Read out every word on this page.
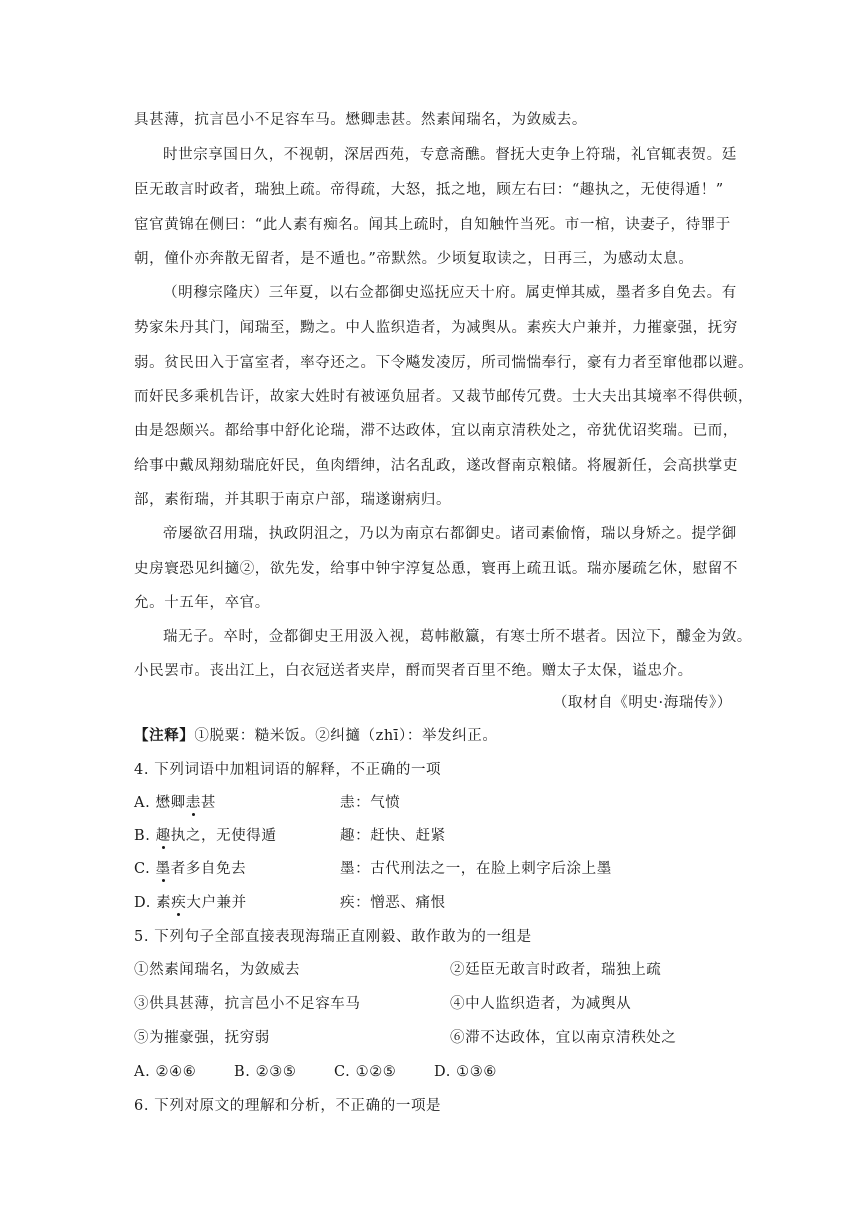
具甚薄，抗言邑小不足容车马。懋卿恚甚。然素闻瑞名，为敛威去。
时世宗享国日久，不视朝，深居西苑，专意斋醮。督抚大吏争上符瑞，礼官辄表贺。廷
臣无敢言时政者，瑞独上疏。帝得疏，大怒，抵之地，顾左右曰：“趣执之，无使得遁！”
宦官黄锦在侧曰：“此人素有痴名。闻其上疏时，自知触忤当死。市一棺，诀妻子，待罪于
朝，僮仆亦奔散无留者，是不遁也。”帝默然。少顷复取读之，日再三，为感动太息。
（明穆宗隆庆）三年夏，以右佥都御史巡抚应天十府。属吏惮其威，墨者多自免去。有
势家朱丹其门，闻瑞至，黝之。中人监织造者，为减舆从。素疾大户兼并，力摧豪强，抚穷
弱。贫民田入于富室者，率夺还之。下令飚发凌厉，所司惴惴奉行，豪有力者至窜他郡以避。
而奸民多乘机告讦，故家大姓时有被诬负屈者。又裁节邮传冗费。士大夫出其境率不得供顿，
由是怨颇兴。都给事中舒化论瑞，滞不达政体，宜以南京清秩处之，帝犹优诏奖瑞。已而，
给事中戴凤翔劾瑞庇奸民，鱼肉缙绅，沽名乱政，遂改督南京粮储。将履新任，会高拱掌吏
部，素衔瑞，并其职于南京户部，瑞遂谢病归。
帝屡欲召用瑞，执政阴沮之，乃以为南京右都御史。诸司素偷惰，瑞以身矫之。提学御
史房寰恐见纠擿②，欲先发，给事中钟宇淳复怂恿，寰再上疏丑诋。瑞亦屡疏乞休，慰留不
允。十五年，卒官。
瑞无子。卒时，佥都御史王用汲入视，葛帏敝籝，有寒士所不堪者。因泣下，醵金为敛。
小民罢市。丧出江上，白衣冠送者夹岸，酹而哭者百里不绝。赠太子太保，谥忠介。
（取材自《明史·海瑞传》）
【注释】①脱粟：糙米饭。②纠擿（zhī）：举发纠正。
4. 下列词语中加粗词语的解释，不正确的一项
A. 懋卿恚甚	恚：气愤
B. 趣执之，无使得遁	趣：赶快、赶紧
C. 墨者多自免去	墨：古代刑法之一，在脸上刺字后涂上墨
D. 素疾大户兼并	疾：憎恶、痛恨
5. 下列句子全部直接表现海瑞正直刚毅、敢作敢为的一组是
①然素闻瑞名，为敛威去	②廷臣无敢言时政者，瑞独上疏
③供具甚薄，抗言邑小不足容车马	④中人监织造者，为减舆从
⑤为摧豪强，抚穷弱	⑥滞不达政体，宜以南京清秩处之
A. ②④⑥	B. ②③⑤	C. ①②⑤	D. ①③⑥
6. 下列对原文的理解和分析，不正确的一项是
